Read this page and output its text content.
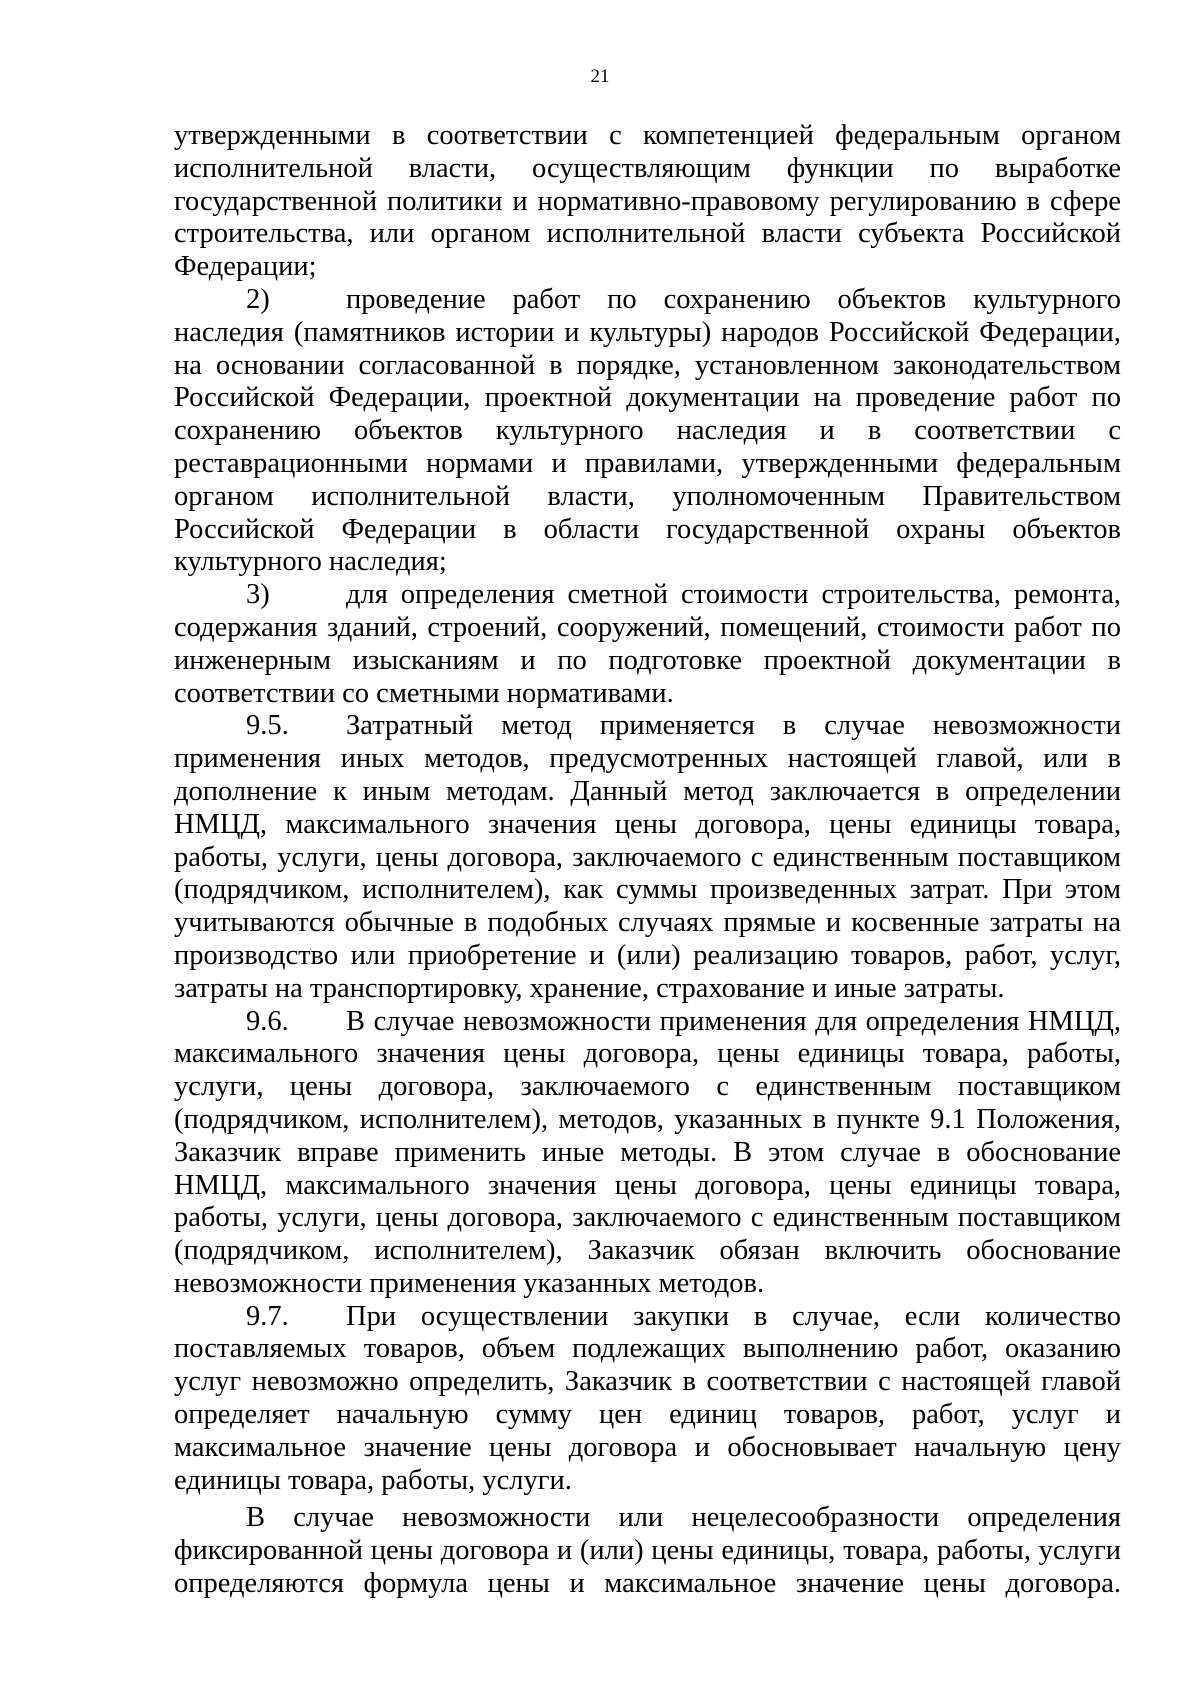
21

утвержденными в соответствии с компетенцией федеральным органом исполнительной власти, осуществляющим функции по выработке государственной политики и нормативно-правовому регулированию в сфере строительства, или органом исполнительной власти субъекта Российской Федерации;

2)	проведение работ по сохранению объектов культурного наследия (памятников истории и культуры) народов Российской Федерации, на основании согласованной в порядке, установленном законодательством Российской Федерации, проектной документации на проведение работ по сохранению объектов культурного наследия и в соответствии с реставрационными нормами и правилами, утвержденными федеральным органом исполнительной власти, уполномоченным Правительством Российской Федерации в области государственной охраны объектов культурного наследия;

3)	для определения сметной стоимости строительства, ремонта, содержания зданий, строений, сооружений, помещений, стоимости работ по инженерным изысканиям и по подготовке проектной документации в соответствии со сметными нормативами.

9.5. Затратный метод применяется в случае невозможности применения иных методов, предусмотренных настоящей главой, или в дополнение к иным методам. Данный метод заключается в определении НМЦД, максимального значения цены договора, цены единицы товара, работы, услуги, цены договора, заключаемого с единственным поставщиком (подрядчиком, исполнителем), как суммы произведенных затрат. При этом учитываются обычные в подобных случаях прямые и косвенные затраты на производство или приобретение и (или) реализацию товаров, работ, услуг, затраты на транспортировку, хранение, страхование и иные затраты.

9.6. В случае невозможности применения для определения НМЦД, максимального значения цены договора, цены единицы товара, работы, услуги, цены договора, заключаемого с единственным поставщиком (подрядчиком, исполнителем), методов, указанных в пункте 9.1 Положения, Заказчик вправе применить иные методы. В этом случае в обоснование НМЦД, максимального значения цены договора, цены единицы товара, работы, услуги, цены договора, заключаемого с единственным поставщиком (подрядчиком, исполнителем), Заказчик обязан включить обоснование невозможности применения указанных методов.

9.7. При осуществлении закупки в случае, если количество поставляемых товаров, объем подлежащих выполнению работ, оказанию услуг невозможно определить, Заказчик в соответствии с настоящей главой определяет начальную сумму цен единиц товаров, работ, услуг и максимальное значение цены договора и обосновывает начальную цену единицы товара, работы, услуги.

В случае невозможности или нецелесообразности определения фиксированной цены договора и (или) цены единицы, товара, работы, услуги определяются формула цены и максимальное значение цены договора.
